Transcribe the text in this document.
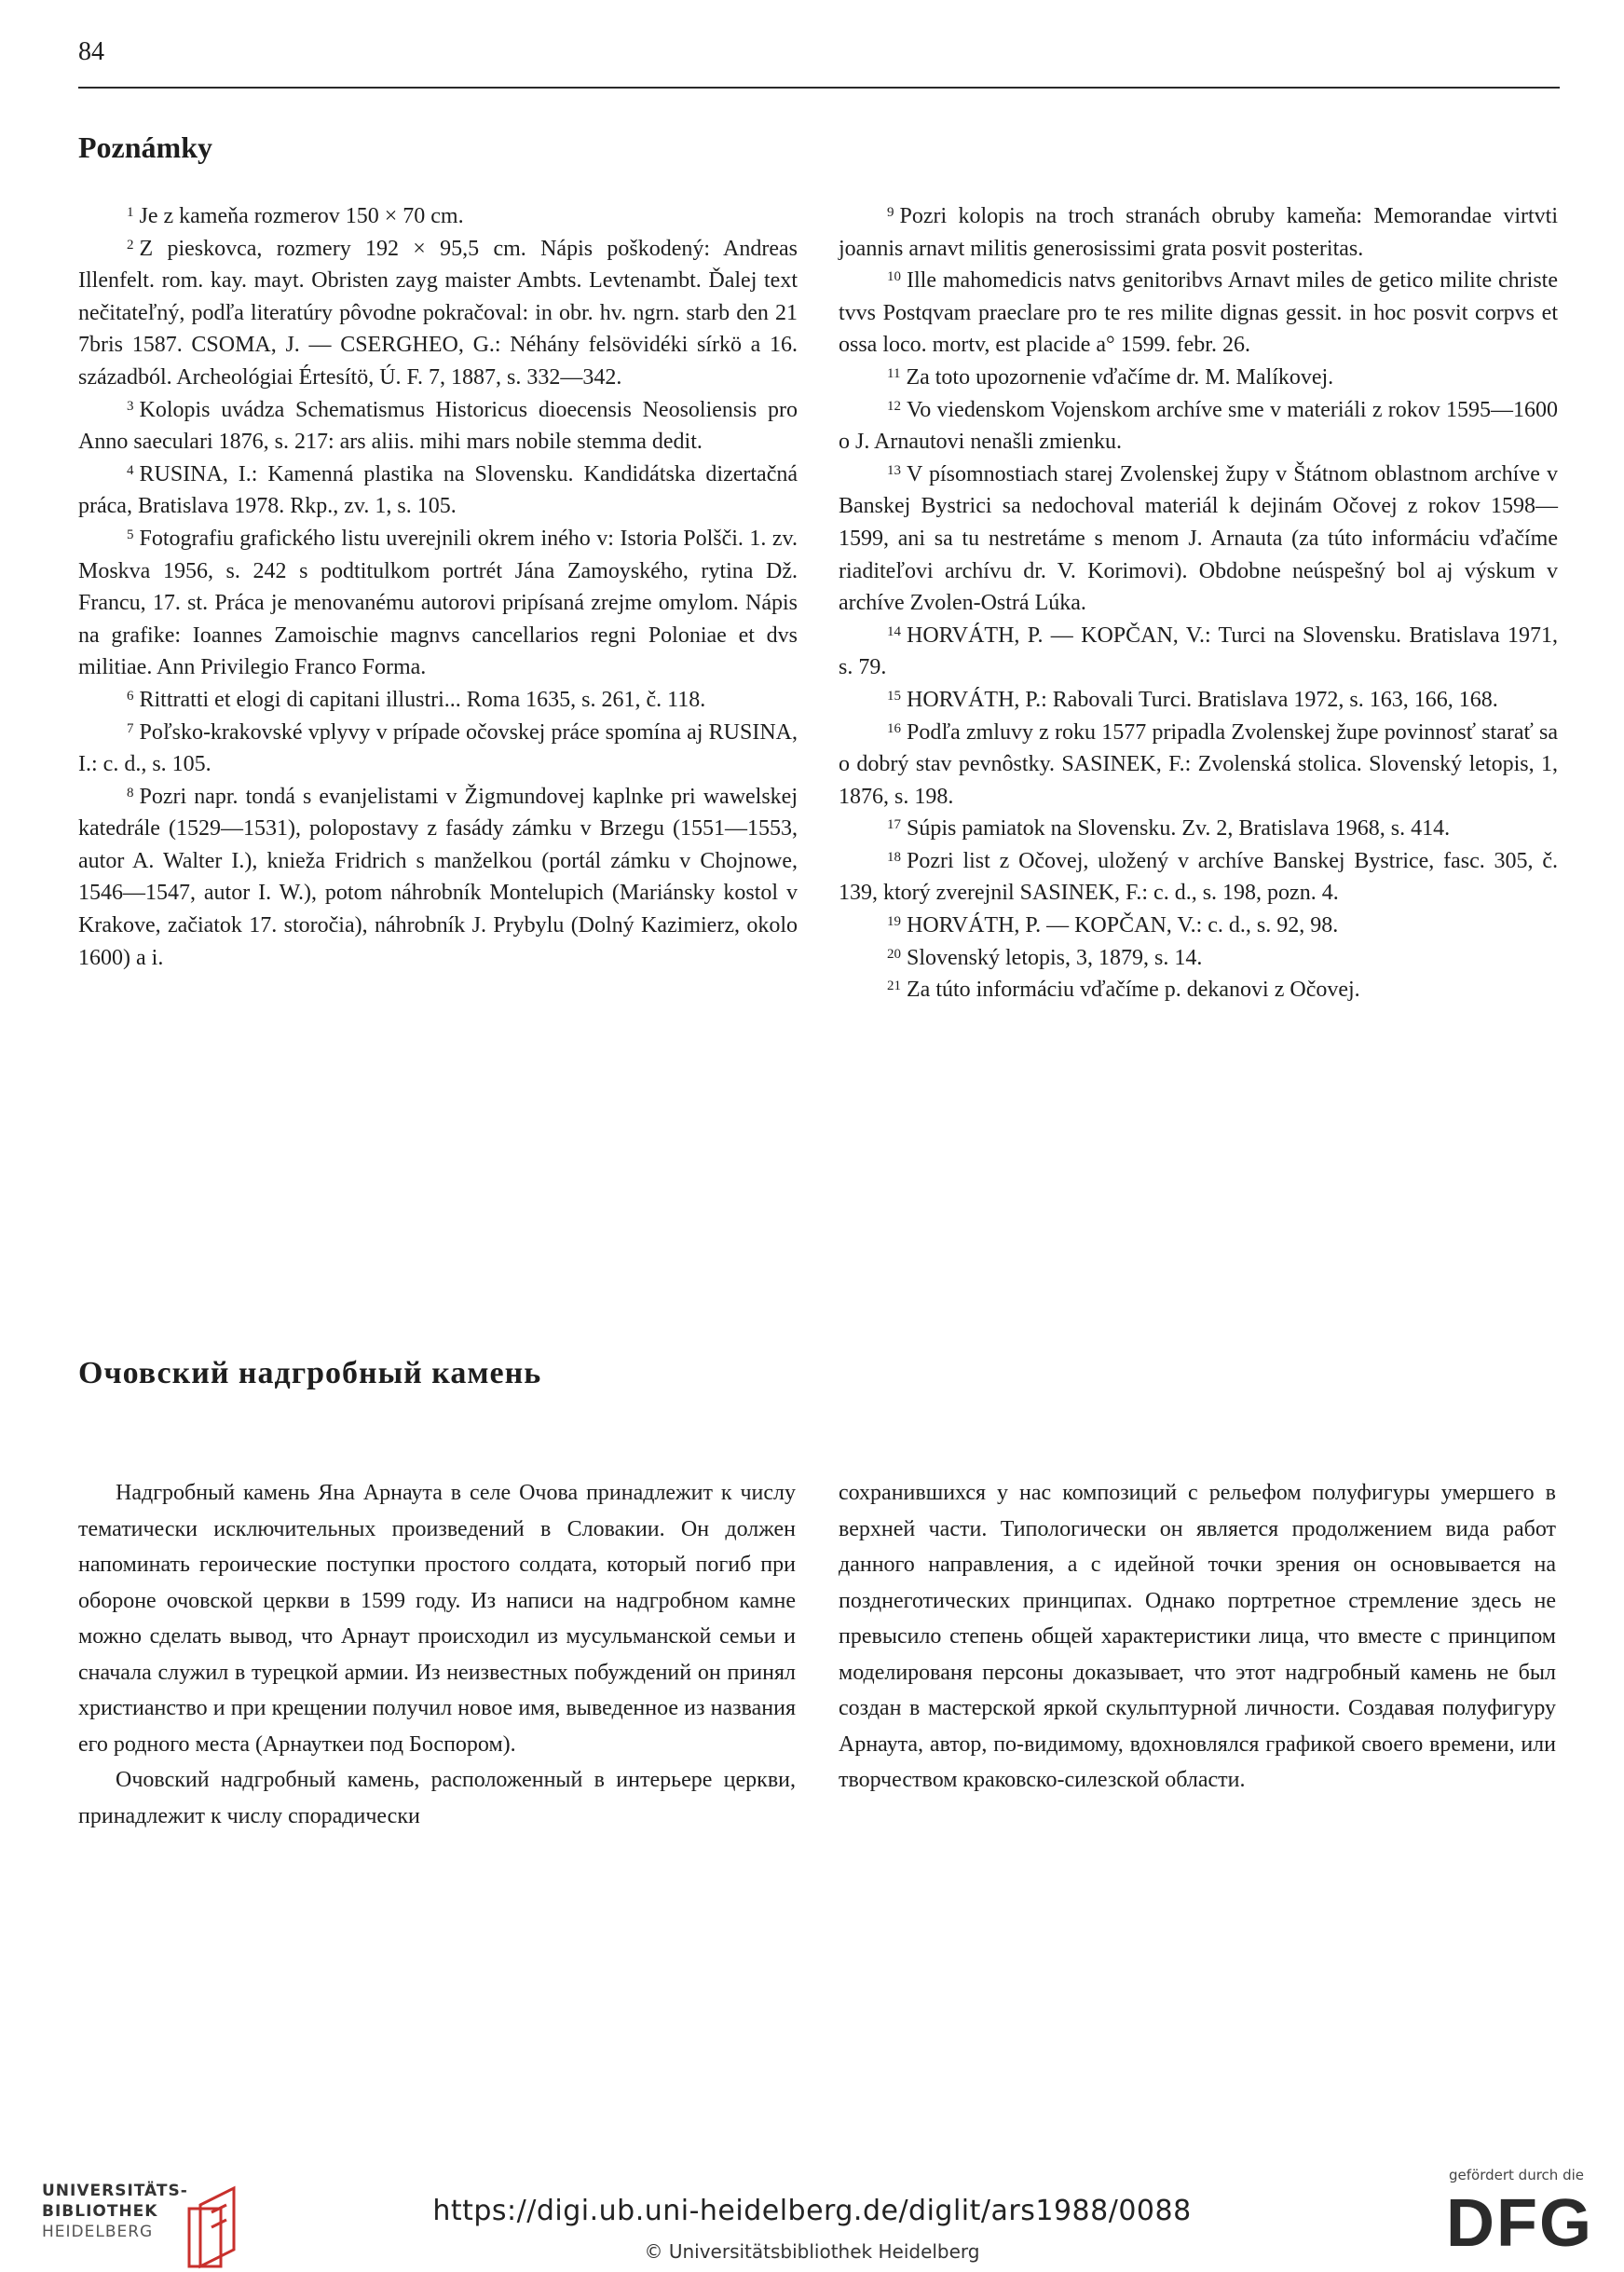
84
Poznámky

$^1$ Je z kameňa rozmerov 150 × 70 cm.

$^2$ Z pieskovca, rozmery 192 × 95,5 cm. Nápis poškodený: Andreas Illenfelt. rom. kay. mayt. Obristen zayg maister Ambts. Levtenambt. Ďalej text nečitateľný, podľa literatúry pôvodne pokračoval: in obr. hv. ngrn. starb den 21 7bris 1587. CSOMA, J. — CSERGHEO, G.: Néhány felsövidéki sírkö a 16. századból. Archeológiai Értesítö, Ú. F. 7, 1887, s. 332—342.

$^3$ Kolopis uvádza Schematismus Historicus dioecensis Neosoliensis pro Anno saeculari 1876, s. 217: ars aliis. mihi mars nobile stemma dedit.

$^4$ RUSINA, I.: Kamenná plastika na Slovensku. Kandidátska dizertačná práca, Bratislava 1978. Rkp., zv. 1, s. 105.

$^5$ Fotografiu grafického listu uverejnili okrem iného v: Istoria Polšči. 1. zv. Moskva 1956, s. 242 s podtitulkom portrét Jána Zamoyského, rytina Dž. Francu, 17. st. Práca je menovanému autorovi pripísaná zrejme omylom. Nápis na grafike: Ioannes Zamoischie magnvs cancellarios regni Poloniae et dvs militiae. Ann Privilegio Franco Forma.

$^6$ Rittratti et elogi di capitani illustri... Roma 1635, s. 261, č. 118.

$^7$ Poľsko-krakovské vplyvy v prípade očovskej práce spomína aj RUSINA, I.: c. d., s. 105.

$^8$ Pozri napr. tondá s evanjelistami v Žigmundovej kaplnke pri wawelskej katedrále (1529—1531), polopostavy z fasády zámku v Brzegu (1551—1553, autor A. Walter I.), knieža Fridrich s manželkou (portál zámku v Chojnowe, 1546—1547, autor I. W.), potom náhrobník Montelupich (Mariánsky kostol v Krakove, začiatok 17. storočia), náhrobník J. Prybylu (Dolný Kazimierz, okolo 1600) a i.

$^9$ Pozri kolopis na troch stranách obruby kameňa: Memorandae virtvti joannis arnavt militis generosissimi grata posvit posteritas.

$^{10}$ Ille mahomedicis natvs genitoribvs Arnavt miles de getico milite christe tvvs Postqvam praeclare pro te res milite dignas gessit. in hoc posvit corpvs et ossa loco. mortv, est placide a° 1599. febr. 26.

$^{11}$ Za toto upozornenie vďačíme dr. M. Malíkovej.

$^{12}$ Vo viedenskom Vojenskom archíve sme v materiáli z rokov 1595—1600 o J. Arnautovi nenašli zmienku.

$^{13}$ V písomnostiach starej Zvolenskej župy v Štátnom oblastnom archíve v Banskej Bystrici sa nedochoval materiál k dejinám Očovej z rokov 1598—1599, ani sa tu nestretáme s menom J. Arnauta (za túto informáciu vďačíme riaditeľovi archívu dr. V. Korimovi). Obdobne neúspešný bol aj výskum v archíve Zvolen-Ostrá Lúka.

$^{14}$ HORVÁTH, P. — KOPČAN, V.: Turci na Slovensku. Bratislava 1971, s. 79.

$^{15}$ HORVÁTH, P.: Rabovali Turci. Bratislava 1972, s. 163, 166, 168.

$^{16}$ Podľa zmluvy z roku 1577 pripadla Zvolenskej župe povinnosť starať sa o dobrý stav pevnôstky. SASINEK, F.: Zvolenská stolica. Slovenský letopis, 1, 1876, s. 198.

$^{17}$ Súpis pamiatok na Slovensku. Zv. 2, Bratislava 1968, s. 414.

$^{18}$ Pozri list z Očovej, uložený v archíve Banskej Bystrice, fasc. 305, č. 139, ktorý zverejnil SASINEK, F.: c. d., s. 198, pozn. 4.

$^{19}$ HORVÁTH, P. — KOPČAN, V.: c. d., s. 92, 98.

$^{20}$ Slovenský letopis, 3, 1879, s. 14.

$^{21}$ Za túto informáciu vďačíme p. dekanovi z Očovej.

Очовский надгробный камень

Надгробный камень Яна Арнаута в селе Очова принадлежит к числу тематически исключительных произведений в Словакии. Он должен напоминать героические поступки простого солдата, который погиб при обороне очовской церкви в 1599 году. Из написи на надгробном камне можно сделать вывод, что Арнаут происходил из мусульманской семьи и сначала служил в турецкой армии. Из неизвестных побуждений он принял христианство и при крещении получил новое имя, выведенное из названия его родного места (Арнауткеи под Боспором).

Очовский надгробный камень, расположенный в интерьере церкви, принадлежит к числу спорадически

сохранившихся у нас композиций с рельефом полуфигуры умершего в верхней части. Типологически он является продолжением вида работ данного направления, а с идейной точки зрения он основывается на позднеготических принципах. Однако портретное стремление здесь не превысило степень общей характеристики лица, что вместе с принципом моделированя персоны доказывает, что этот надгробный камень не был создан в мастерской яркой скульптурной личности. Создавая полуфигуру Арнаута, автор, по-видимому, вдохновлялся графикой своего времени, или творчеством краковско-силезской области.

UNIVERSITÄTS-
BIBLIOTHEK
HEIDELBERG
https://digi.ub.uni-heidelberg.de/diglit/ars1988/0088
© Universitätsbibliothek Heidelberg
gefördert durch die
DFG
